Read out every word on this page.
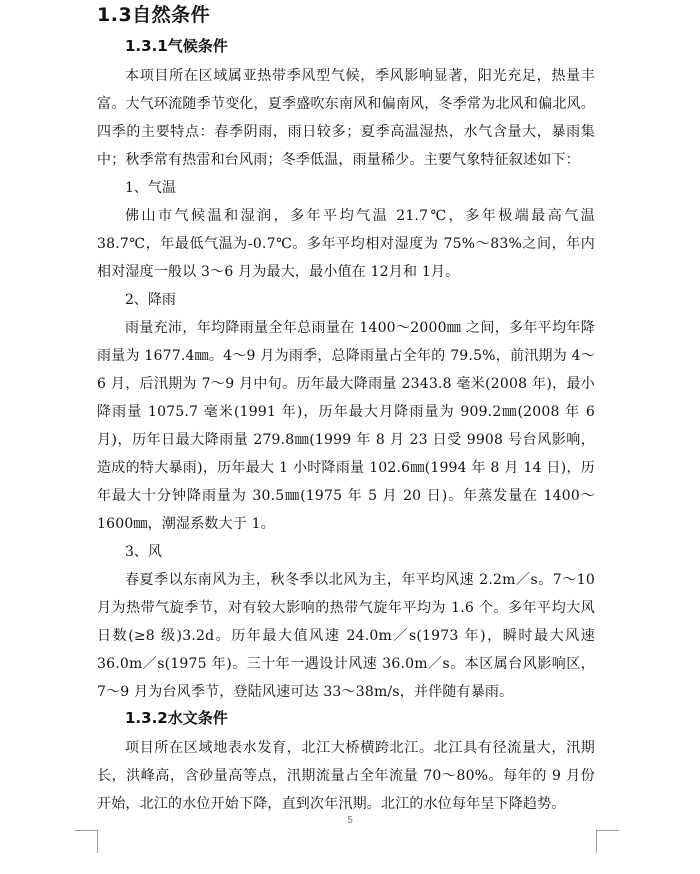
1.3自然条件
1.3.1气候条件

本项目所在区域属亚热带季风型气候，季风影响显著，阳光充足，热量丰富。大气环流随季节变化，夏季盛吹东南风和偏南风，冬季常为北风和偏北风。四季的主要特点：春季阴雨，雨日较多；夏季高温湿热，水气含量大，暴雨集中；秋季常有热雷和台风雨；冬季低温，雨量稀少。主要气象特征叙述如下：

1、气温

佛山市气候温和湿润，多年平均气温 21.7℃，多年极端最高气温 38.7℃，年最低气温为-0.7℃。多年平均相对湿度为 75%～83%之间，年内相对湿度一般以 3～6 月为最大，最小值在 12月和 1月。

2、降雨

雨量充沛，年均降雨量全年总雨量在 1400～2000㎜ 之间，多年平均年降雨量为 1677.4㎜。4～9 月为雨季，总降雨量占全年的 79.5%，前汛期为 4～6 月，后汛期为 7～9 月中旬。历年最大降雨量 2343.8 毫米(2008 年)，最小降雨量 1075.7 毫米(1991 年)，历年最大月降雨量为 909.2㎜(2008 年 6 月)，历年日最大降雨量 279.8㎜(1999 年 8 月 23 日受 9908 号台风影响，造成的特大暴雨)，历年最大 1 小时降雨量 102.6㎜(1994 年 8 月 14 日)，历年最大十分钟降雨量为 30.5㎜(1975 年 5 月 20 日)。年蒸发量在 1400～1600㎜，潮湿系数大于 1。

3、风

春夏季以东南风为主，秋冬季以北风为主，年平均风速 2.2m／s。7～10 月为热带气旋季节，对有较大影响的热带气旋年平均为 1.6 个。多年平均大风日数(≥8 级)3.2d。历年最大值风速 24.0m／s(1973 年)，瞬时最大风速 36.0m／s(1975 年)。三十年一遇设计风速 36.0m／s。本区属台风影响区，7～9 月为台风季节，登陆风速可达 33～38m/s，并伴随有暴雨。

1.3.2水文条件

项目所在区域地表水发育，北江大桥横跨北江。北江具有径流量大，汛期长，洪峰高，含砂量高等点，汛期流量占全年流量 70～80%。每年的 9 月份开始，北江的水位开始下降，直到次年汛期。北江的水位每年呈下降趋势。

5
